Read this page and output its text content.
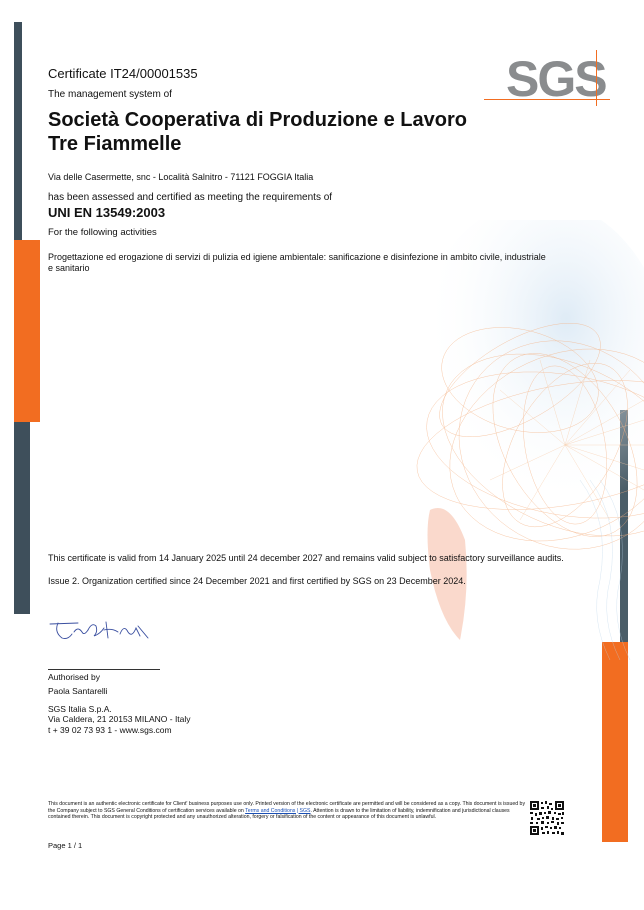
SGS
Certificate IT24/00001535
The management system of
Società Cooperativa di Produzione e Lavoro Tre Fiammelle
Via delle Casermette, snc - Località Salnitro - 71121 FOGGIA Italia
has been assessed and certified as meeting the requirements of
UNI EN 13549:2003
For the following activities
Progettazione ed erogazione di servizi di pulizia ed igiene ambientale: sanificazione e disinfezione in ambito civile, industriale e sanitario
This certificate is valid from 14 January 2025 until 24 december 2027 and remains valid subject to satisfactory surveillance audits.
Issue 2. Organization certified since 24 December 2021 and first certified by SGS on 23 December 2024.
Authorised by
Paola Santarelli
SGS Italia S.p.A.
Via Caldera, 21 20153 MILANO - Italy
t + 39 02 73 93 1 - www.sgs.com
This document is an authentic electronic certificate for Client' business purposes use only. Printed version of the electronic certificate are permitted and will be considered as a copy. This document is issued by the Company subject to SGS General Conditions of certification services available on Terms and Conditions | SGS. Attention is drawn to the limitation of liability, indemnification and jurisdictional clauses contained therein. This document is copyright protected and any unauthorized alteration, forgery or falsification of the content or appearance of this document is unlawful.
Page 1 / 1
